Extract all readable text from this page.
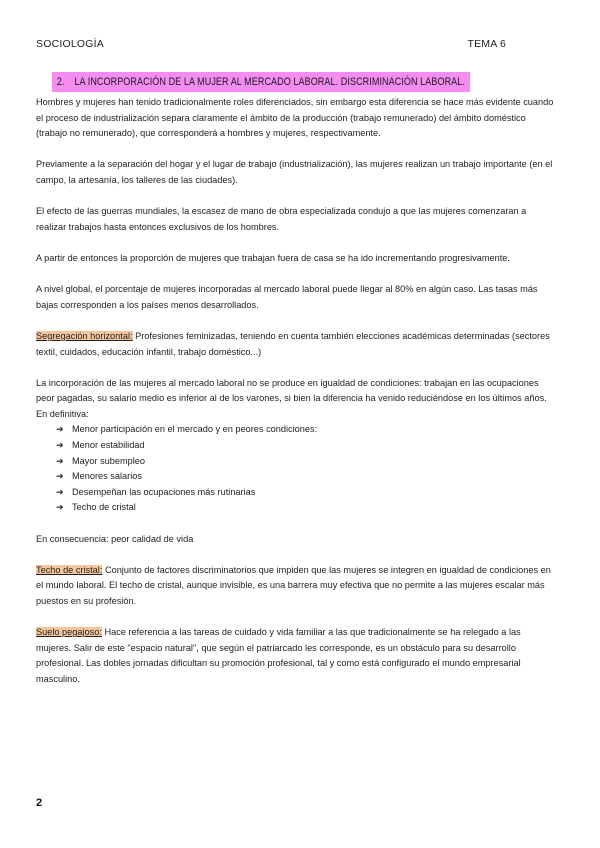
SOCIOLOGÍA	TEMA 6
2. LA INCORPORACIÓN DE LA MUJER AL MERCADO LABORAL. DISCRIMINACIÓN LABORAL.

Hombres y mujeres han tenido tradicionalmente roles diferenciados, sin embargo esta diferencia se hace más evidente cuando el proceso de industrialización separa claramente el ámbito de la producción (trabajo remunerado) del ámbito doméstico (trabajo no remunerado), que corresponderá a hombres y mujeres, respectivamente.

Previamente a la separación del hogar y el lugar de trabajo (industrialización), las mujeres realizan un trabajo importante (en el campo, la artesanía, los talleres de las ciudades).

El efecto de las guerras mundiales, la escasez de mano de obra especializada condujo a que las mujeres comenzaran a realizar trabajos hasta entonces exclusivos de los hombres.

A partir de entonces la proporción de mujeres que trabajan fuera de casa se ha ido incrementando progresivamente.

A nivel global, el porcentaje de mujeres incorporadas al mercado laboral puede llegar al 80% en algún caso. Las tasas más bajas corresponden a los países menos desarrollados.

Segregación horizontal: Profesiones feminizadas, teniendo en cuenta también elecciones académicas determinadas (sectores textil, cuidados, educación infantil, trabajo doméstico...)

La incorporación de las mujeres al mercado laboral no se produce en igualdad de condiciones: trabajan en las ocupaciones peor pagadas, su salario medio es inferior al de los varones, si bien la diferencia ha venido reduciéndose en los últimos años. En definitiva:

➔ Menor participación en el mercado y en peores condiciones:
➔ Menor estabilidad
➔ Mayor subempleo
➔ Menores salarios
➔ Desempeñan las ocupaciones más rutinarias
➔ Techo de cristal

En consecuencia: peor calidad de vida

Techo de cristal: Conjunto de factores discriminatorios que impiden que las mujeres se integren en igualdad de condiciones en el mundo laboral. El techo de cristal, aunque invisible, es una barrera muy efectiva que no permite a las mujeres escalar más puestos en su profesión.

Suelo pegajoso: Hace referencia a las tareas de cuidado y vida familiar a las que tradicionalmente se ha relegado a las mujeres. Salir de este "espacio natural", que según el patriarcado les corresponde, es un obstáculo para su desarrollo profesional. Las dobles jornadas dificultan su promoción profesional, tal y como está configurado el mundo empresarial masculino.

2
